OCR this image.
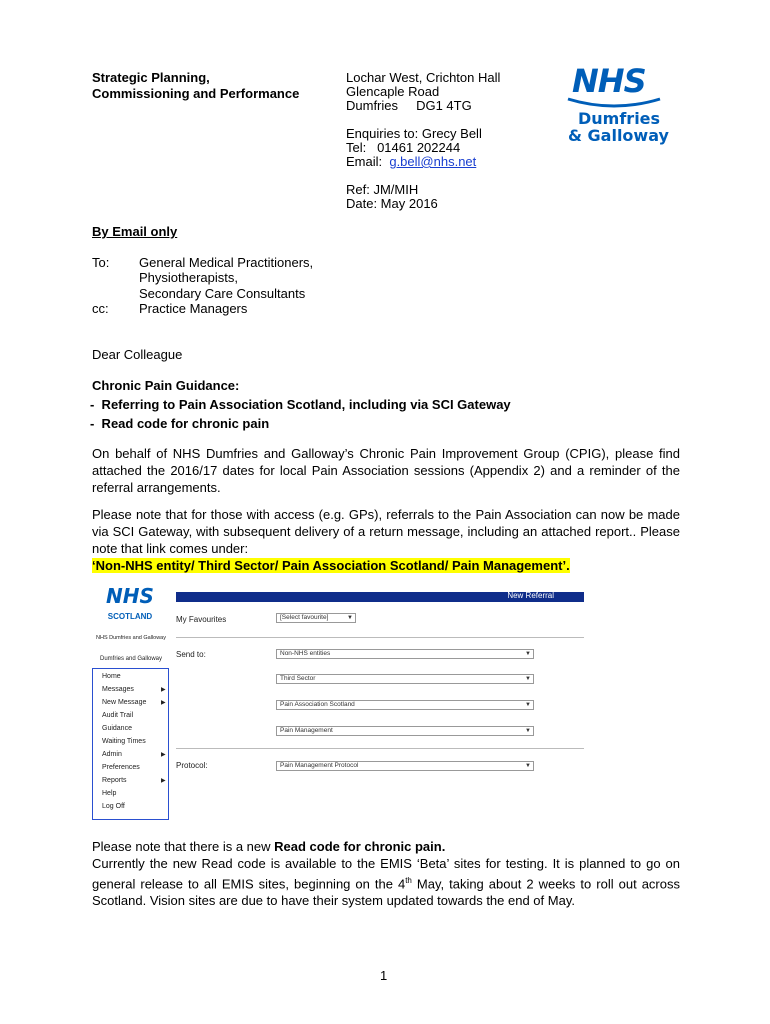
Strategic Planning,
Commissioning and Performance
Lochar West, Crichton Hall
Glencaple Road
Dumfries     DG1 4TG
Enquiries to: Grecy Bell
Tel:   01461 202244
Email:  g.bell@nhs.net
Ref: JM/MIH
Date: May 2016
NHS
Dumfries
& Galloway
By Email only
To: General Medical Practitioners,
Physiotherapists,
Secondary Care Consultants
cc: Practice Managers
Dear Colleague
Chronic Pain Guidance:
-  Referring to Pain Association Scotland, including via SCI Gateway
-  Read code for chronic pain
On behalf of NHS Dumfries and Galloway’s Chronic Pain Improvement Group (CPIG), please find attached the 2016/17 dates for local Pain Association sessions (Appendix 2) and a reminder of the referral arrangements.
Please note that for those with access (e.g. GPs), referrals to the Pain Association can now be made via SCI Gateway, with subsequent delivery of a return message, including an attached report.. Please note that link comes under:
‘Non-NHS entity/ Third Sector/ Pain Association Scotland/ Pain Management’.
NHS
SCOTLAND
NHS Dumfries and Galloway
Dumfries and Galloway
Home
Messages	▶
New Message ▶
Audit Trail
Guidance
Waiting Times
Admin	▶
Preferences
Reports	▶
Help
Log Off
New Referral
My Favourites	[Select favourite]	▼
Send to:	Non-NHS entities	▼
Third Sector	▼
Pain Association Scotland	▼
Pain Management	▼
Protocol:	Pain Management Protocol	▼
Please note that there is a new Read code for chronic pain.
Currently the new Read code is available to the EMIS ‘Beta’ sites for testing. It is planned to go on general release to all EMIS sites, beginning on the 4th May, taking about 2 weeks to roll out across Scotland. Vision sites are due to have their system updated towards the end of May.
1
